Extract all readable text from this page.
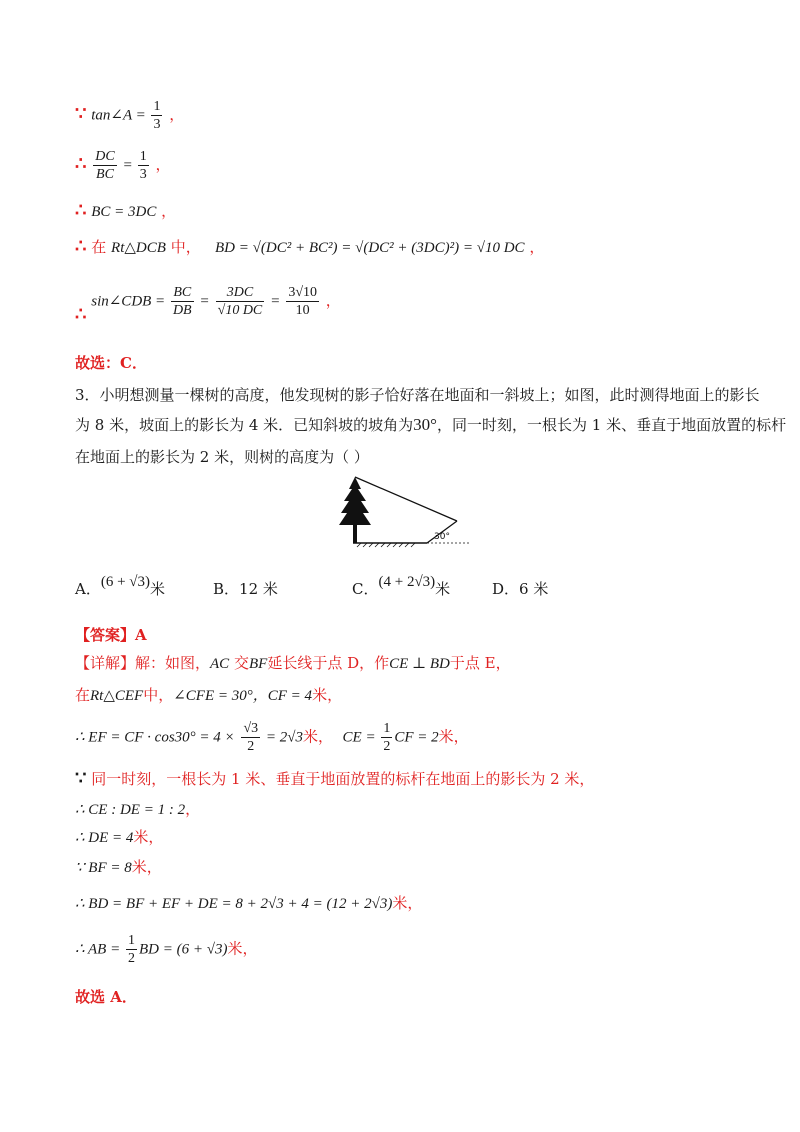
∵ tan∠A = $\frac{1}{3}$ ，
∴ $\frac{DC}{BC} = \frac{1}{3}$ ，
∴ BC = 3DC ，
∴ 在 Rt△DCB 中， BD = √(DC² + BC²) = √(DC² + (3DC)²) = √10 DC ，
∴ sin∠CDB = $\frac{BC}{DB} = \frac{3DC}{√10 DC} = \frac{3√10}{10}$ ，
故选：C．
3．小明想测量一棵树的高度，他发现树的影子恰好落在地面和一斜坡上；如图，此时测得地面上的影长
为 8 米，坡面上的影长为 4 米．已知斜坡的坡角为30°，同一时刻，一根长为 1 米、垂直于地面放置的标杆
在地面上的影长为 2 米，则树的高度为（ ）
30°
A．(6 + √3)米	B．12 米	C．(4 + 2√3)米	D．6 米
【答案】A
【详解】解：如图，AC 交BF延长线于点 D，作CE ⊥ BD于点 E，
在Rt△CEF中，∠CFE = 30°，CF = 4米，
∴ EF = CF · $\cos 30^\circ = 4 \times \frac{√3}{2} = 2√3$米， CE = $\frac{1}{2}$ CF = 2米，
∵ 同一时刻，一根长为 1 米、垂直于地面放置的标杆在地面上的影长为 2 米，
∴ CE : DE = 1 : 2，
∴ DE = 4米，
∵ BF = 8米，
∴ BD = BF + EF + DE = 8 + 2√3 + 4 = (12 + 2√3)米，
∴ AB = $\frac{1}{2}$ BD = (6 + √3)米，
故选 A．
